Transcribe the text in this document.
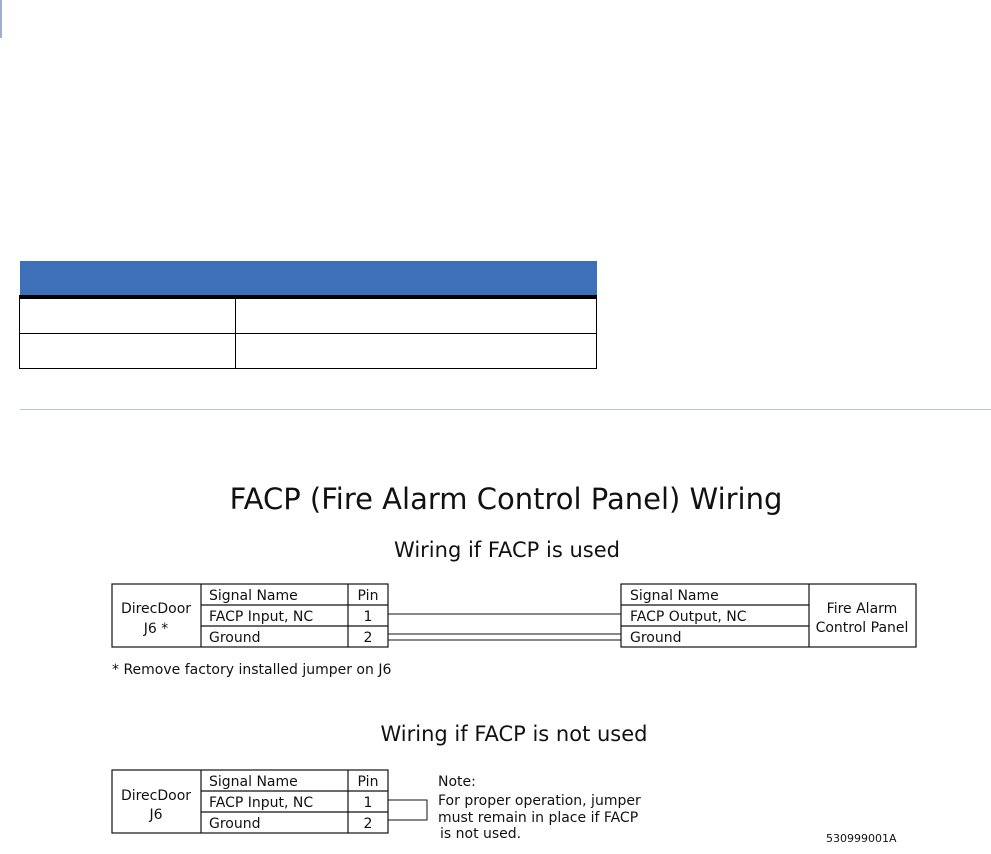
FACP (Fire Alarm Control Panel) Wiring
Wiring if FACP is used
DirecDoor
J6 *
Signal Name	Pin
FACP Input, NC	1
Ground	2
Signal Name
FACP Output, NC
Ground
Fire Alarm
Control Panel
* Remove factory installed jumper on J6
Wiring if FACP is not used
DirecDoor
J6
Signal Name	Pin
FACP Input, NC	1
Ground	2
Note:
For proper operation, jumper
must remain in place if FACP
is not used.	530999001A
